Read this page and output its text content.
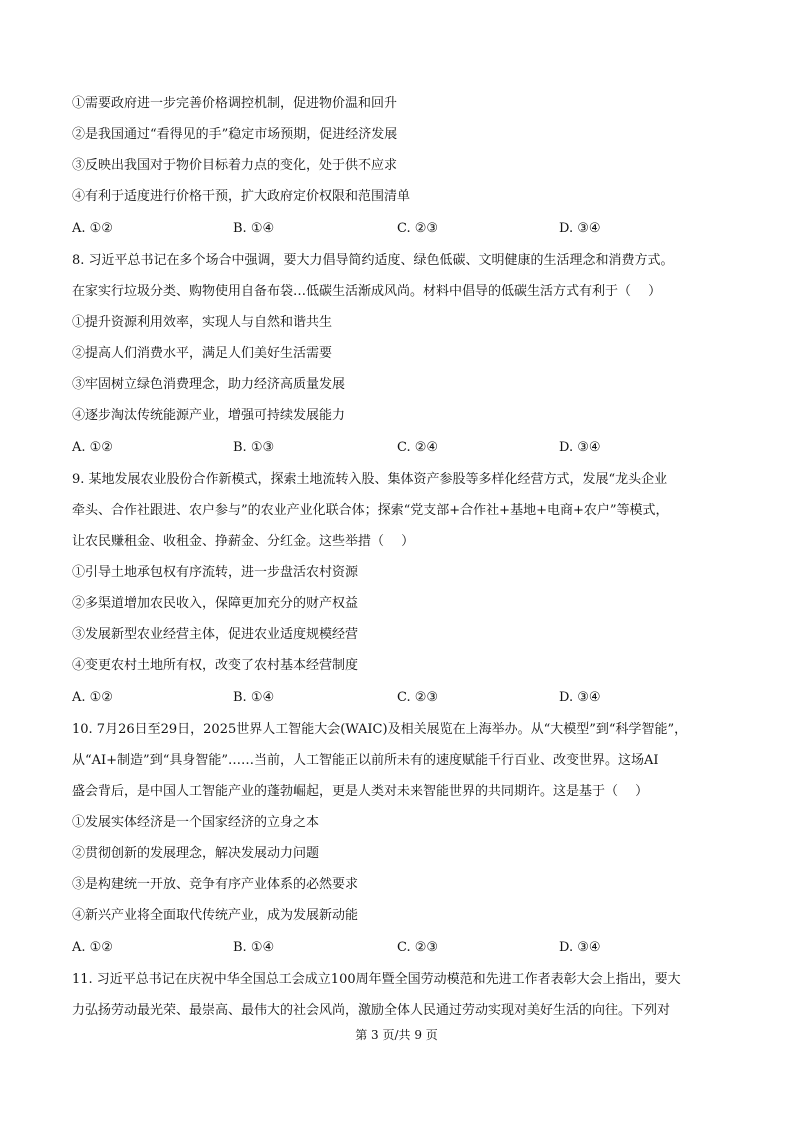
①需要政府进一步完善价格调控机制，促进物价温和回升
②是我国通过“看得见的手”稳定市场预期，促进经济发展
③反映出我国对于物价目标着力点的变化，处于供不应求
④有利于适度进行价格干预，扩大政府定价权限和范围清单
A. ①②	B. ①④	C. ②③	D. ③④
8. 习近平总书记在多个场合中强调，要大力倡导简约适度、绿色低碳、文明健康的生活理念和消费方式。
在家实行垃圾分类、购物使用自备布袋…低碳生活渐成风尚。材料中倡导的低碳生活方式有利于（　 ）
①提升资源利用效率，实现人与自然和谐共生
②提高人们消费水平，满足人们美好生活需要
③牢固树立绿色消费理念，助力经济高质量发展
④逐步淘汰传统能源产业，增强可持续发展能力
A. ①②	B. ①③	C. ②④	D. ③④
9. 某地发展农业股份合作新模式，探索土地流转入股、集体资产参股等多样化经营方式，发展“龙头企业
牵头、合作社跟进、农户参与”的农业产业化联合体；探索“党支部+合作社+基地+电商+农户”等模式，
让农民赚租金、收租金、挣薪金、分红金。这些举措（　 ）
①引导土地承包权有序流转，进一步盘活农村资源
②多渠道增加农民收入，保障更加充分的财产权益
③发展新型农业经营主体，促进农业适度规模经营
④变更农村土地所有权，改变了农村基本经营制度
A. ①②	B. ①④	C. ②③	D. ③④
10. 7月26日至29日，2025世界人工智能大会(WAIC)及相关展览在上海举办。从“大模型”到“科学智能”，
从“AI+制造”到“具身智能”……当前，人工智能正以前所未有的速度赋能千行百业、改变世界。这场AI
盛会背后，是中国人工智能产业的蓬勃崛起，更是人类对未来智能世界的共同期许。这是基于（　 ）
①发展实体经济是一个国家经济的立身之本
②贯彻创新的发展理念，解决发展动力问题
③是构建统一开放、竞争有序产业体系的必然要求
④新兴产业将全面取代传统产业，成为发展新动能
A. ①②	B. ①④	C. ②③	D. ③④
11. 习近平总书记在庆祝中华全国总工会成立100周年暨全国劳动模范和先进工作者表彰大会上指出，要大
力弘扬劳动最光荣、最崇高、最伟大的社会风尚，激励全体人民通过劳动实现对美好生活的向往。下列对
第 3 页/共 9 页
